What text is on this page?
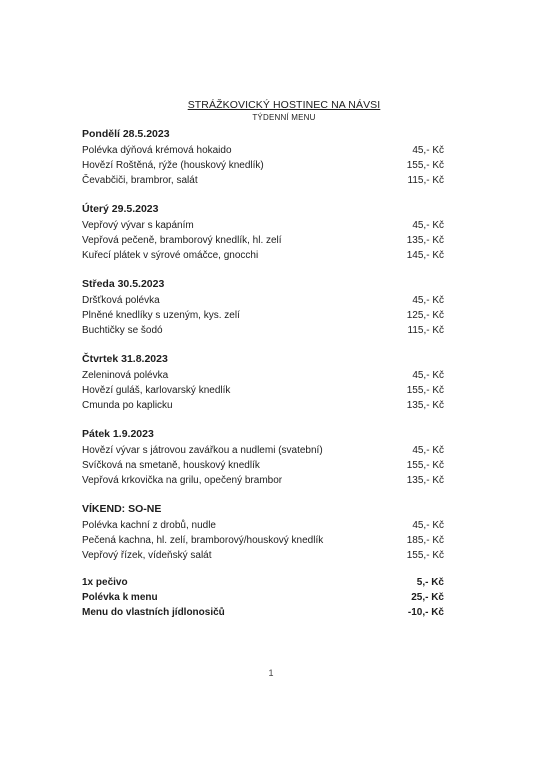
STRÁŽKOVICKÝ HOSTINEC NA NÁVSI
TÝDENNÍ MENU
Pondělí 28.5.2023
Polévka dýňová krémová hokaido	45,- Kč
Hovězí Roštěná, rýže (houskový knedlík)	155,- Kč
Čevabčiči, brambror, salát	115,- Kč
Úterý 29.5.2023
Vepřový vývar s kapáním	45,- Kč
Vepřová pečeně, bramborový knedlík, hl. zelí	135,- Kč
Kuřecí plátek v sýrové omáčce, gnocchi	145,- Kč
Středa 30.5.2023
Dršťková polévka	45,- Kč
Plněné knedlíky s uzeným, kys. zelí	125,- Kč
Buchtičky se šodó	115,- Kč
Čtvrtek 31.8.2023
Zeleninová polévka	45,- Kč
Hovězí guláš, karlovarský knedlík	155,- Kč
Cmunda po kaplicku	135,- Kč
Pátek 1.9.2023
Hovězí vývar s játrovou zavářkou a nudlemi (svatební)	45,- Kč
Svíčková na smetaně, houskový knedlík	155,- Kč
Vepřová krkovička na grilu, opečený brambor	135,- Kč
VÍKEND: SO-NE
Polévka kachní z drobů, nudle	45,- Kč
Pečená kachna, hl. zelí, bramborový/houskový knedlík	185,- Kč
Vepřový řízek, vídeňský salát	155,- Kč
1x pečivo	5,- Kč
Polévka k menu	25,- Kč
Menu do vlastních jídlonosičů	-10,- Kč
1
